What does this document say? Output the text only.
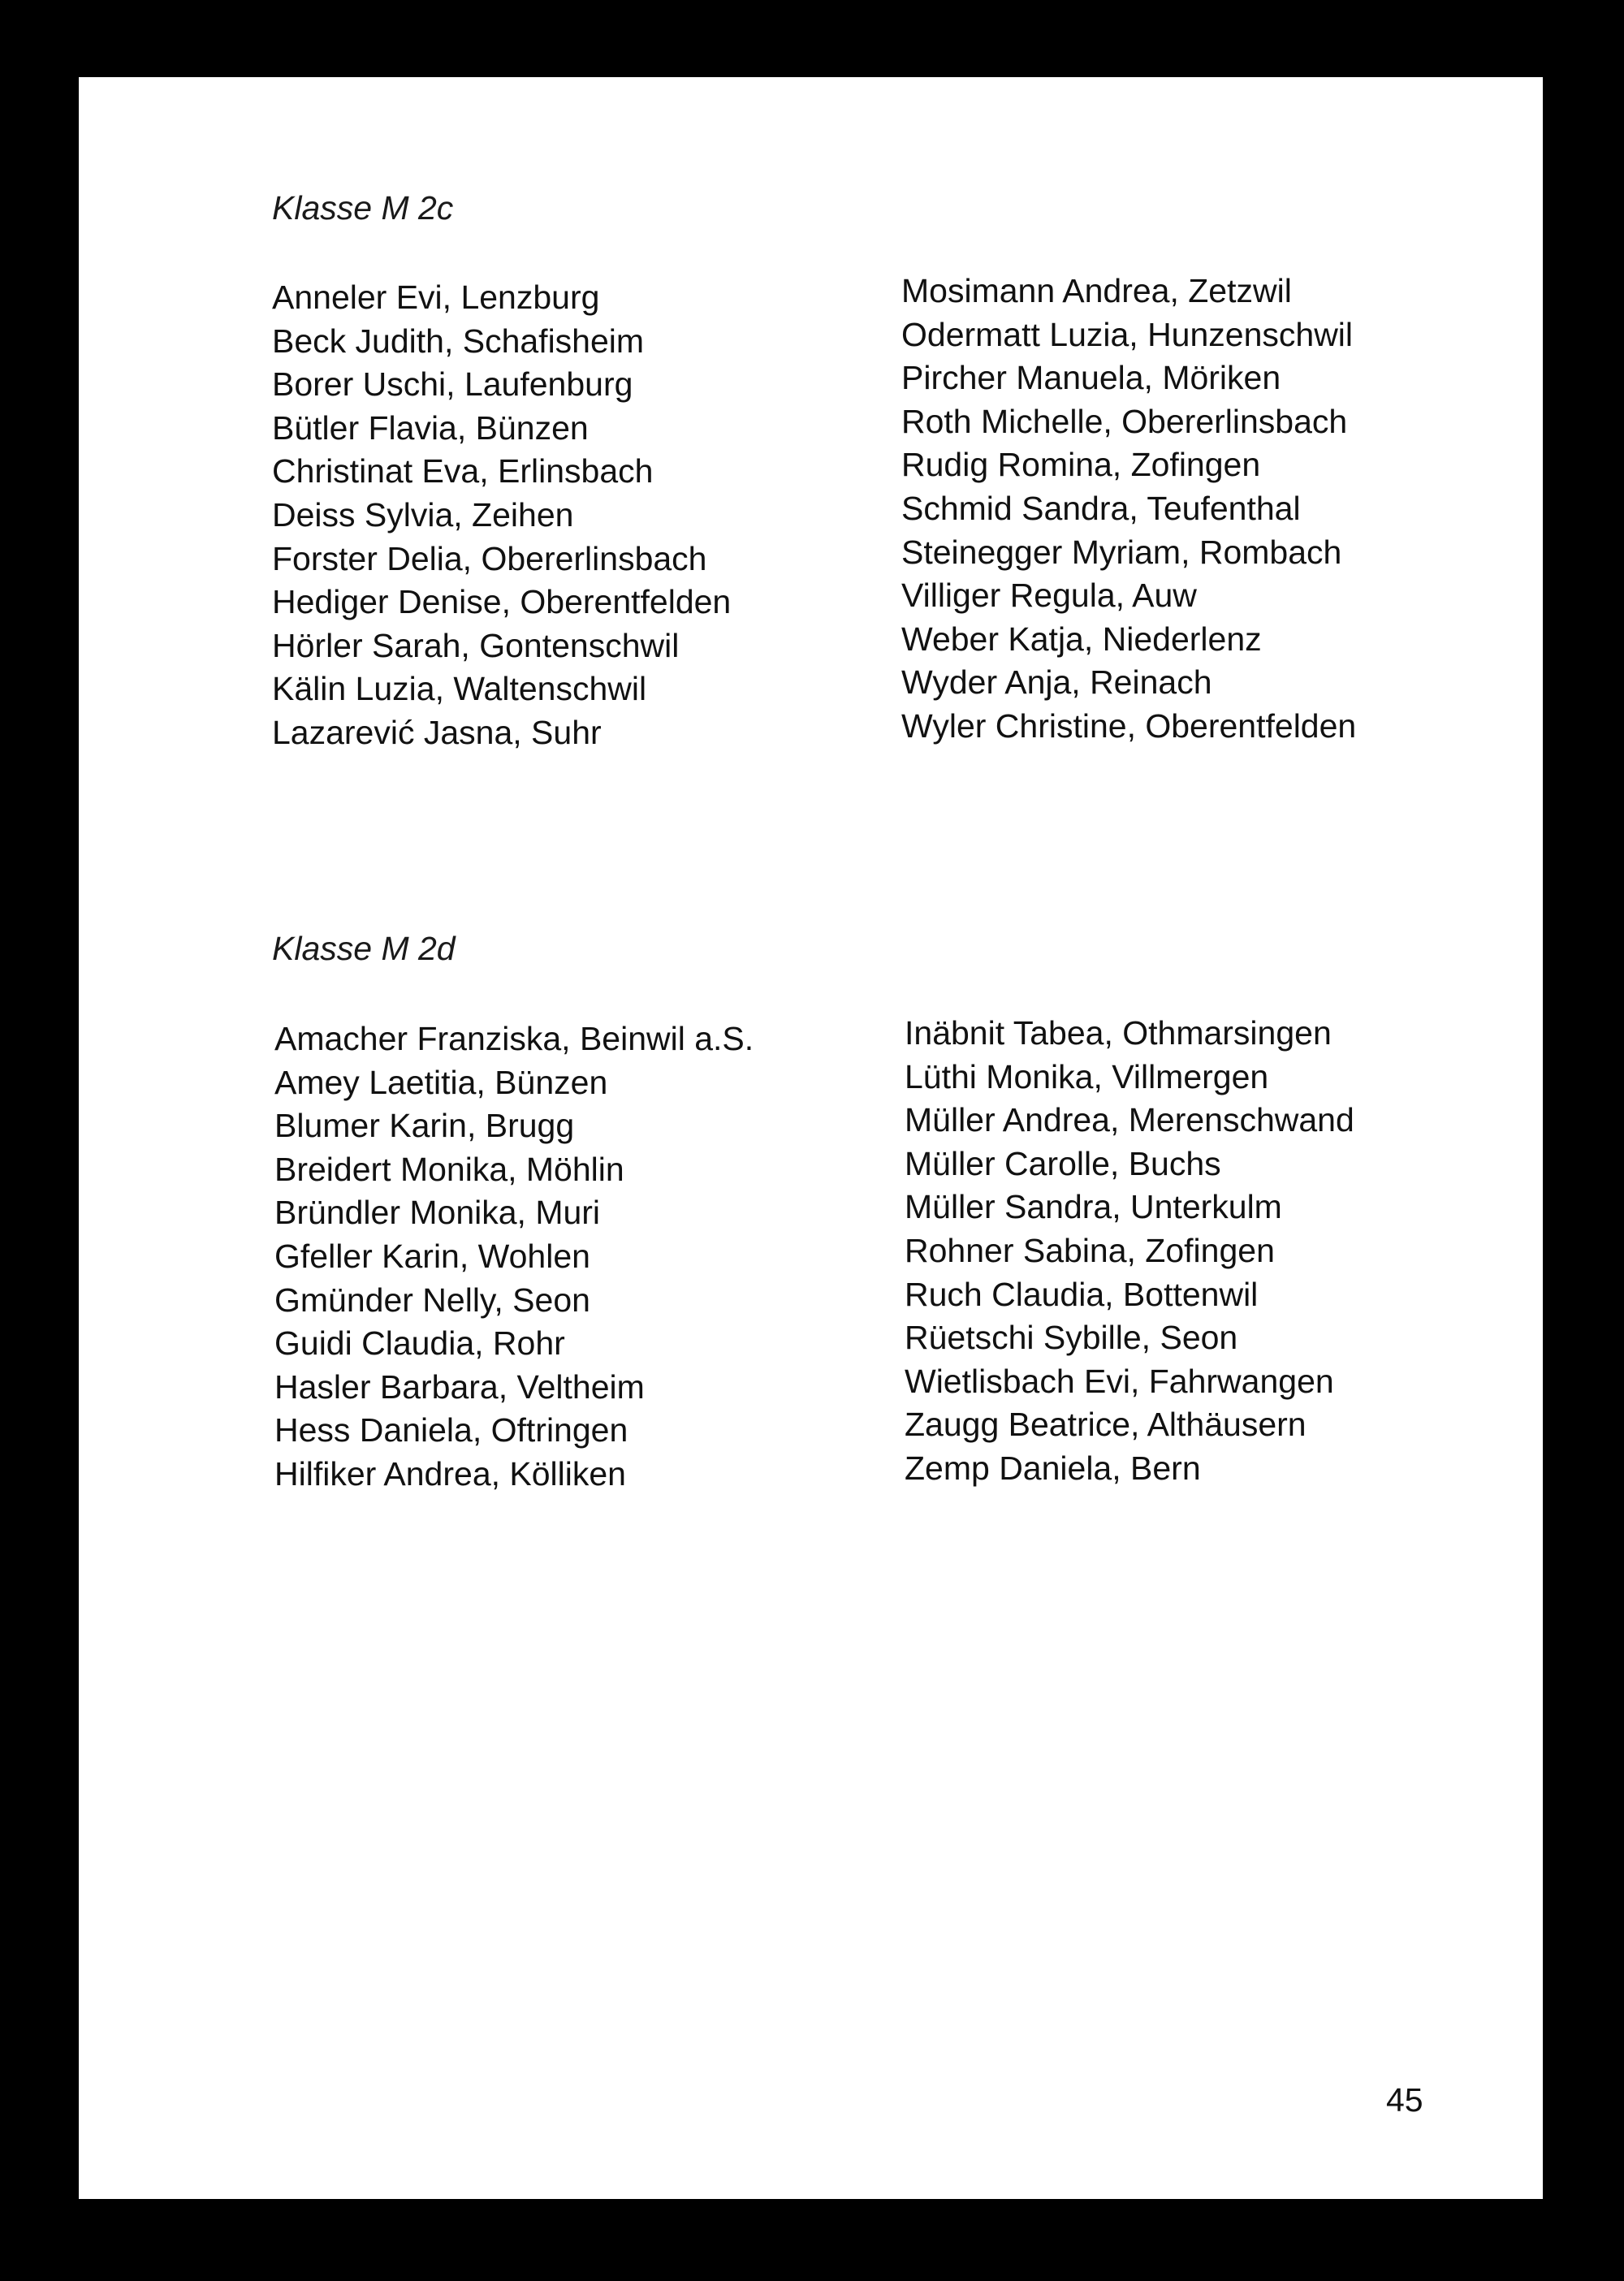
Klasse M 2c
Anneler Evi, Lenzburg
Beck Judith, Schafisheim
Borer Uschi, Laufenburg
Bütler Flavia, Bünzen
Christinat Eva, Erlinsbach
Deiss Sylvia, Zeihen
Forster Delia, Obererlinsbach
Hediger Denise, Oberentfelden
Hörler Sarah, Gontenschwil
Kälin Luzia, Waltenschwil
Lazarević Jasna, Suhr
Mosimann Andrea, Zetzwil
Odermatt Luzia, Hunzenschwil
Pircher Manuela, Möriken
Roth Michelle, Obererlinsbach
Rudig Romina, Zofingen
Schmid Sandra, Teufenthal
Steinegger Myriam, Rombach
Villiger Regula, Auw
Weber Katja, Niederlenz
Wyder Anja, Reinach
Wyler Christine, Oberentfelden
Klasse M 2d
Amacher Franziska, Beinwil a.S.
Amey Laetitia, Bünzen
Blumer Karin, Brugg
Breidert Monika, Möhlin
Bründler Monika, Muri
Gfeller Karin, Wohlen
Gmünder Nelly, Seon
Guidi Claudia, Rohr
Hasler Barbara, Veltheim
Hess Daniela, Oftringen
Hilfiker Andrea, Kölliken
Inäbnit Tabea, Othmarsingen
Lüthi Monika, Villmergen
Müller Andrea, Merenschwand
Müller Carolle, Buchs
Müller Sandra, Unterkulm
Rohner Sabina, Zofingen
Ruch Claudia, Bottenwil
Rüetschi Sybille, Seon
Wietlisbach Evi, Fahrwangen
Zaugg Beatrice, Althäusern
Zemp Daniela, Bern
45
